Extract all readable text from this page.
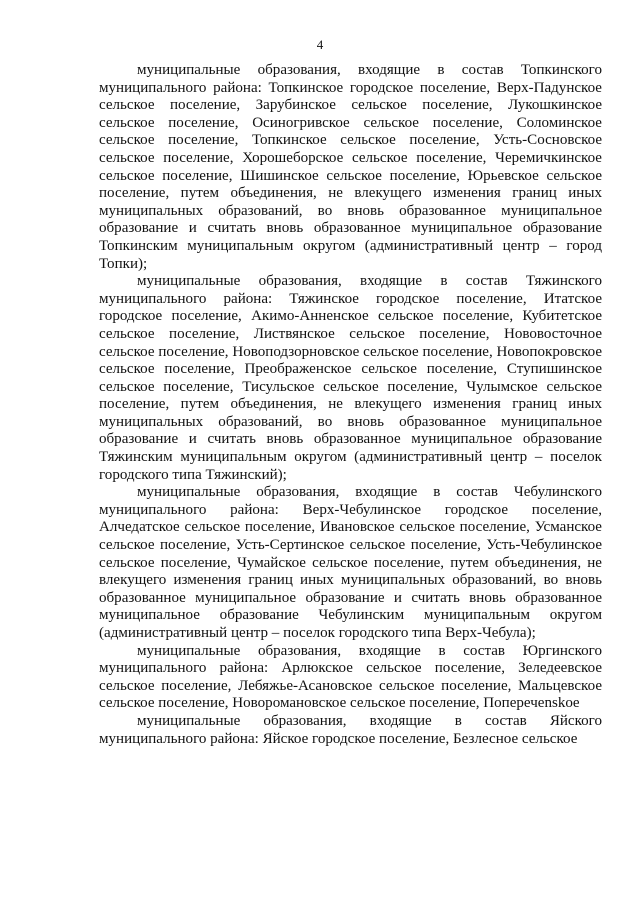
4

муниципальные образования, входящие в состав Топкинского муниципального района: Топкинское городское поселение, Верх-Падунское сельское поселение, Зарубинское сельское поселение, Лукошкинское сельское поселение, Осиногривское сельское поселение, Соломинское сельское поселение, Топкинское сельское поселение, Усть-Сосновское сельское поселение, Хорошеборское сельское поселение, Черемичкинское сельское поселение, Шишинское сельское поселение, Юрьевское сельское поселение, путем объединения, не влекущего изменения границ иных муниципальных образований, во вновь образованное муниципальное образование и считать вновь образованное муниципальное образование Топкинским муниципальным округом (административный центр – город Топки);

муниципальные образования, входящие в состав Тяжинского муниципального района: Тяжинское городское поселение, Итатское городское поселение, Акимо-Анненское сельское поселение, Кубитетское сельское поселение, Листвянское сельское поселение, Нововосточное сельское поселение, Новоподзорновское сельское поселение, Новопокровское сельское поселение, Преображенское сельское поселение, Ступишинское сельское поселение, Тисульское сельское поселение, Чулымское сельское поселение, путем объединения, не влекущего изменения границ иных муниципальных образований, во вновь образованное муниципальное образование и считать вновь образованное муниципальное образование Тяжинским муниципальным округом (административный центр – поселок городского типа Тяжинский);

муниципальные образования, входящие в состав Чебулинского муниципального района: Верх-Чебулинское городское поселение, Алчедатское сельское поселение, Ивановское сельское поселение, Усманское сельское поселение, Усть-Сертинское сельское поселение, Усть-Чебулинское сельское поселение, Чумайское сельское поселение, путем объединения, не влекущего изменения границ иных муниципальных образований, во вновь образованное муниципальное образование и считать вновь образованное муниципальное образование Чебулинским муниципальным округом (административный центр – поселок городского типа Верх-Чебула);

муниципальные образования, входящие в состав Юргинского муниципального района: Арлюкское сельское поселение, Зеледеевское сельское поселение, Лебяжье-Асановское сельское поселение, Мальцевское сельское поселение, Новоромановское сельское поселение, Поперечenskoe

муниципальные образования, входящие в состав Яйского муниципального района: Яйское городское поселение, Безлесное сельское
